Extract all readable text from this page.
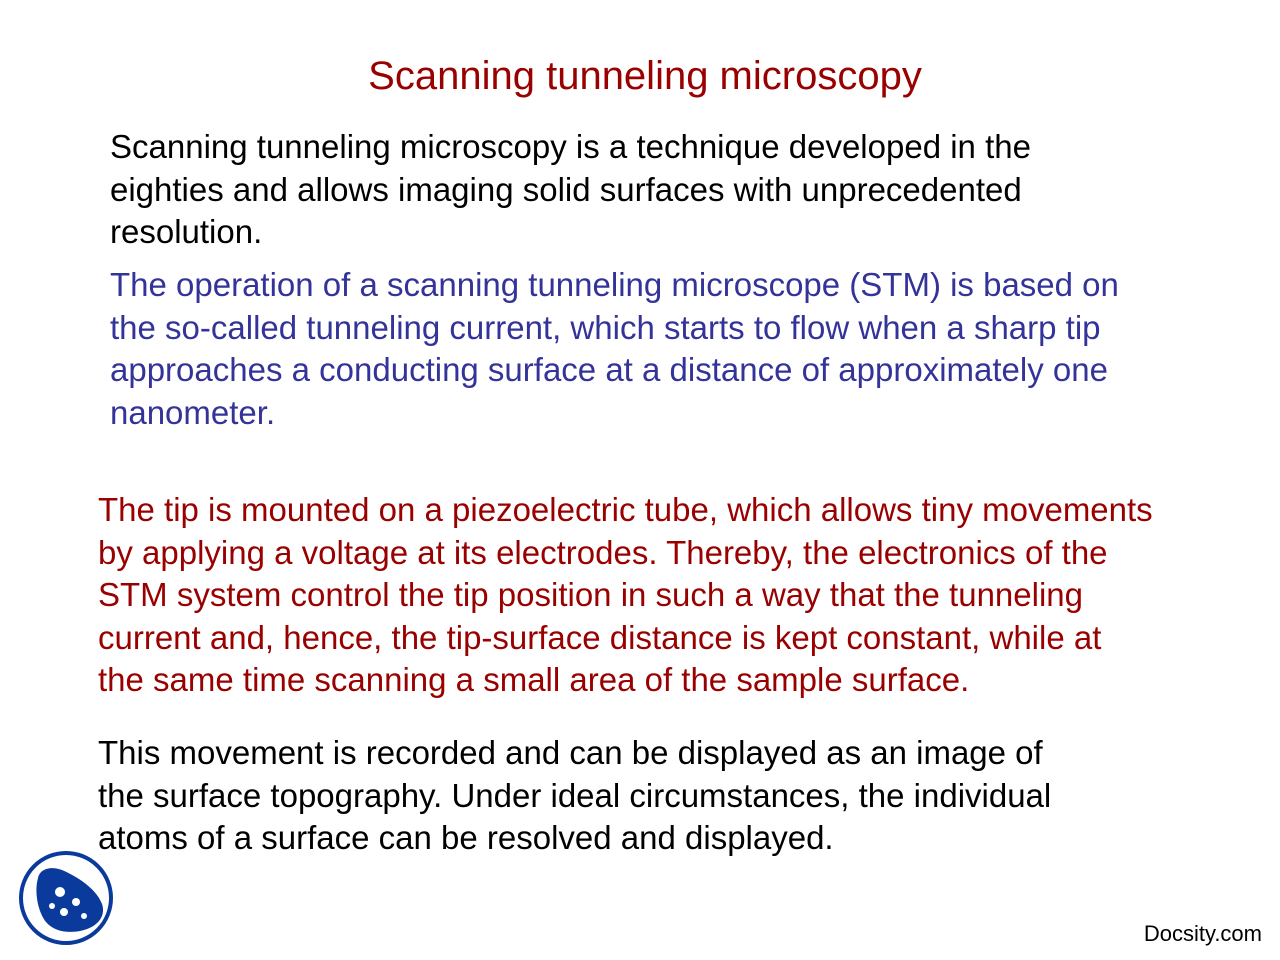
Scanning tunneling microscopy

Scanning tunneling microscopy is a technique developed in the
eighties and allows imaging solid surfaces with unprecedented
resolution.

The operation of a scanning tunneling microscope (STM) is based on
the so-called tunneling current, which starts to flow when a sharp tip
approaches a conducting surface at a distance of approximately one
nanometer.

The tip is mounted on a piezoelectric tube, which allows tiny movements
by applying a voltage at its electrodes. Thereby, the electronics of the
STM system control the tip position in such a way that the tunneling
current and, hence, the tip-surface distance is kept constant, while at
the same time scanning a small area of the sample surface.

This movement is recorded and can be displayed as an image of
the surface topography. Under ideal circumstances, the individual
atoms of a surface can be resolved and displayed.

Docsity.com
